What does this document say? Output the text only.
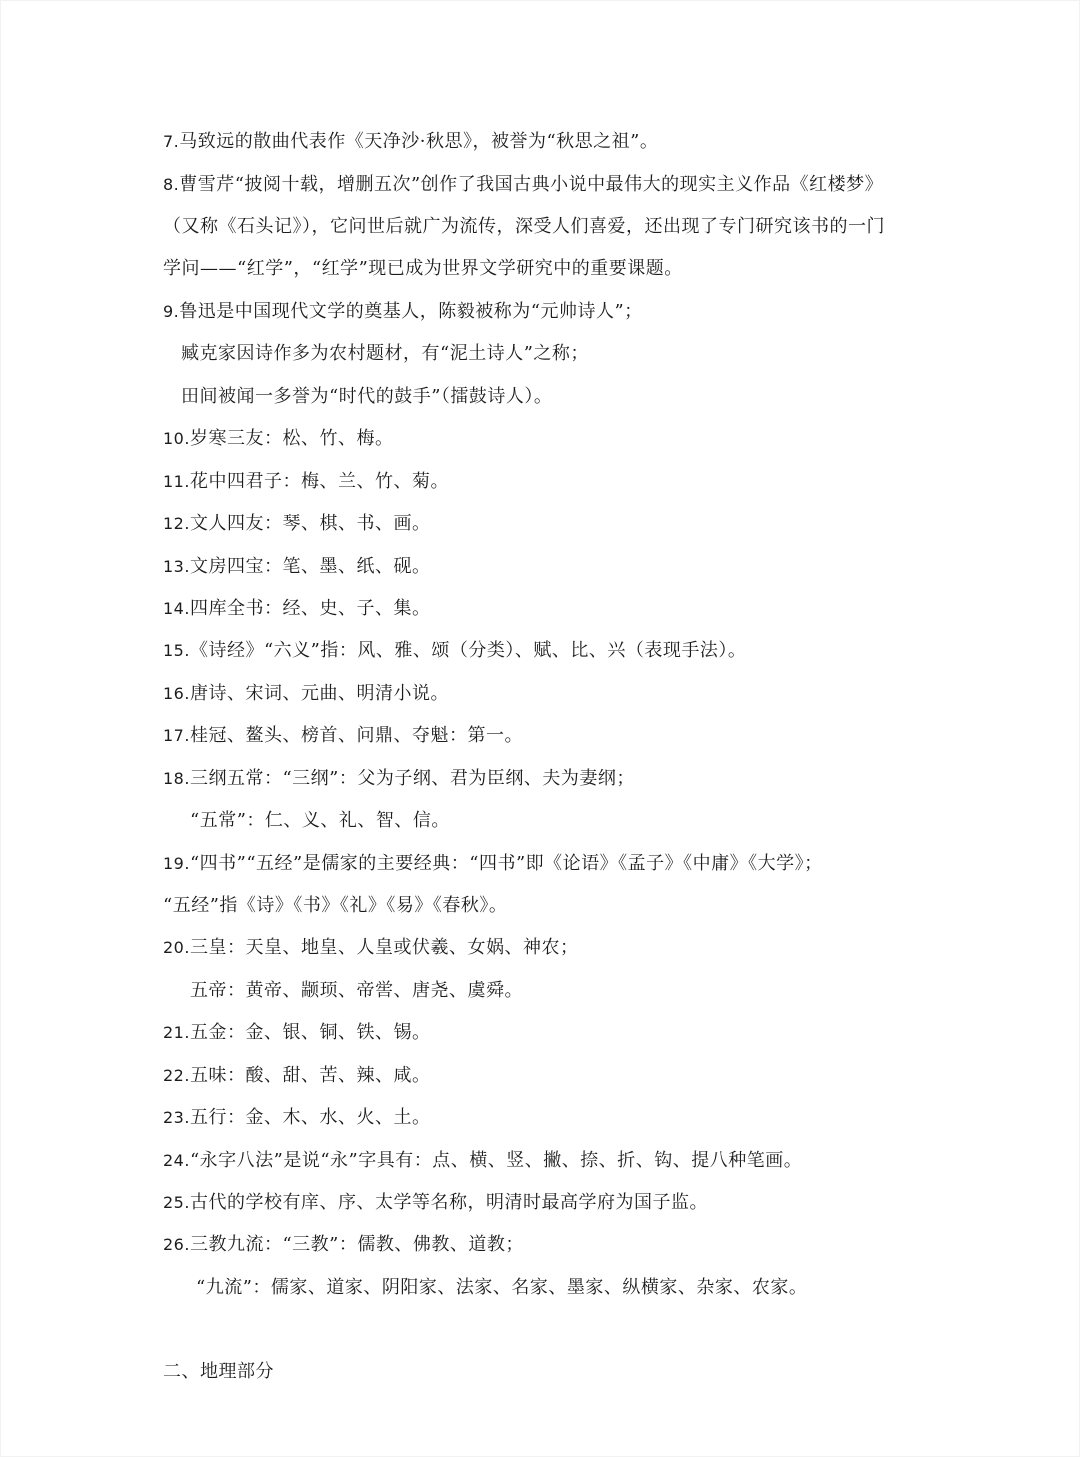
7.马致远的散曲代表作《天净沙·秋思》，被誉为“秋思之祖”。
8.曹雪芹“披阅十载，增删五次”创作了我国古典小说中最伟大的现实主义作品《红楼梦》
（又称《石头记》），它问世后就广为流传，深受人们喜爱，还出现了专门研究该书的一门
学问——“红学”，“红学”现已成为世界文学研究中的重要课题。
9.鲁迅是中国现代文学的奠基人，陈毅被称为“元帅诗人”；
臧克家因诗作多为农村题材，有“泥土诗人”之称；
田间被闻一多誉为“时代的鼓手”（擂鼓诗人）。
10.岁寒三友：松、竹、梅。
11.花中四君子：梅、兰、竹、菊。
12.文人四友：琴、棋、书、画。
13.文房四宝：笔、墨、纸、砚。
14.四库全书：经、史、子、集。
15.《诗经》“六义”指：风、雅、颂（分类）、赋、比、兴（表现手法）。
16.唐诗、宋词、元曲、明清小说。
17.桂冠、鳌头、榜首、问鼎、夺魁：第一。
18.三纲五常：“三纲”：父为子纲、君为臣纲、夫为妻纲；
“五常”：仁、义、礼、智、信。
19.“四书”“五经”是儒家的主要经典：“四书”即《论语》《孟子》《中庸》《大学》；
“五经”指《诗》《书》《礼》《易》《春秋》。
20.三皇：天皇、地皇、人皇或伏羲、女娲、神农；
五帝：黄帝、颛顼、帝喾、唐尧、虞舜。
21.五金：金、银、铜、铁、锡。
22.五味：酸、甜、苦、辣、咸。
23.五行：金、木、水、火、土。
24.“永字八法”是说“永”字具有：点、横、竖、撇、捺、折、钩、提八种笔画。
25.古代的学校有庠、序、太学等名称，明清时最高学府为国子监。
26.三教九流：“三教”：儒教、佛教、道教；
“九流”：儒家、道家、阴阳家、法家、名家、墨家、纵横家、杂家、农家。
二、地理部分
